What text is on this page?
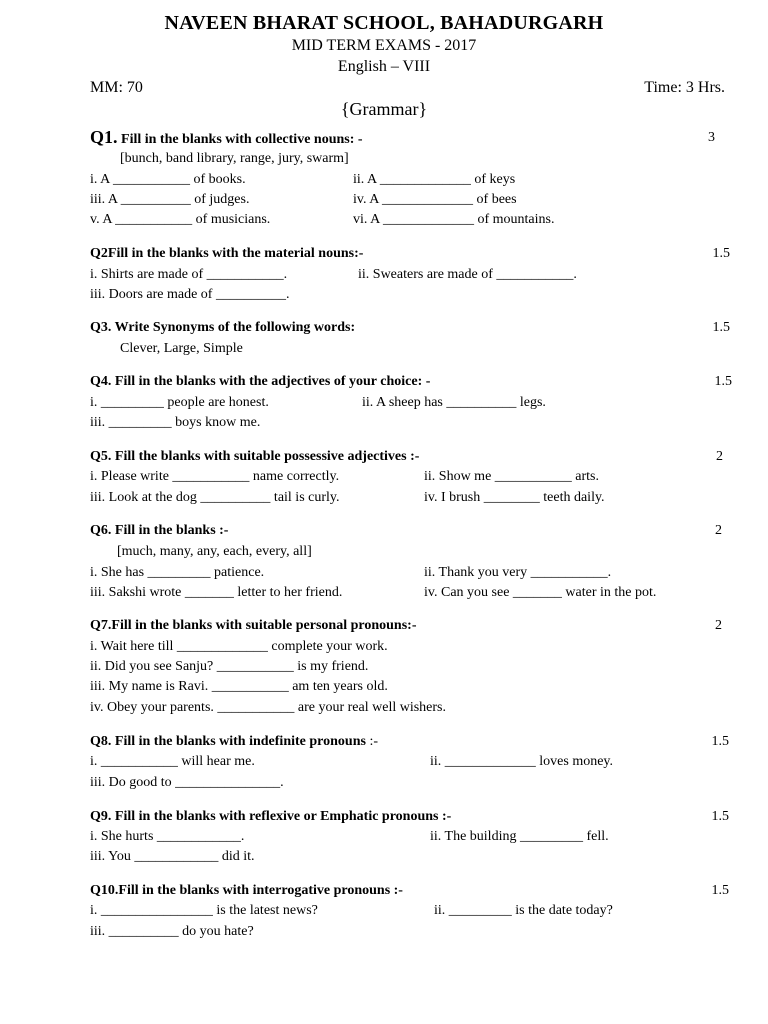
NAVEEN BHARAT SCHOOL, BAHADURGARH
MID TERM EXAMS - 2017
English – VIII
MM: 70	Time: 3 Hrs.
{Grammar}
Q1. Fill in the blanks with collective nouns: -	3
[bunch, band library, range, jury, swarm]
i. A ___________ of books.	ii. A _____________ of keys
iii. A __________ of judges.	iv. A _____________ of bees
v. A ___________ of musicians.	vi. A _____________ of mountains.
Q2Fill in the blanks with the material nouns:-	1.5
i. Shirts are made of ___________.	ii. Sweaters are made of ___________.
iii. Doors are made of __________.
Q3. Write Synonyms of the following words:	1.5
Clever, Large, Simple
Q4. Fill in the blanks with the adjectives of your choice: -	1.5
i. _________ people are honest.	ii. A sheep has __________ legs.
iii. _________ boys know me.
Q5. Fill the blanks with suitable possessive adjectives :-	2
i. Please write ___________ name correctly.	ii. Show me ___________ arts.
iii. Look at the dog __________ tail is curly.	iv. I brush ________ teeth daily.
Q6. Fill in the blanks :-	2
[much, many, any, each, every, all]
i. She has _________ patience.	ii. Thank you very ___________.
iii. Sakshi wrote _______ letter to her friend.	iv. Can you see _______ water in the pot.
Q7.Fill in the blanks with suitable personal pronouns:-	2
i. Wait here till _____________ complete your work.
ii. Did you see Sanju? ___________ is my friend.
iii. My name is Ravi. ___________ am ten years old.
iv. Obey your parents. ___________ are your real well wishers.
Q8. Fill in the blanks with indefinite pronouns :-	1.5
i. ___________ will hear me.	ii. _____________ loves money.
iii. Do good to _______________.
Q9. Fill in the blanks with reflexive or Emphatic pronouns :-	1.5
i. She hurts ____________.	ii. The building _________ fell.
iii. You ____________ did it.
Q10.Fill in the blanks with interrogative pronouns :-	1.5
i. ________________ is the latest news?	ii. _________ is the date today?
iii. __________ do you hate?
